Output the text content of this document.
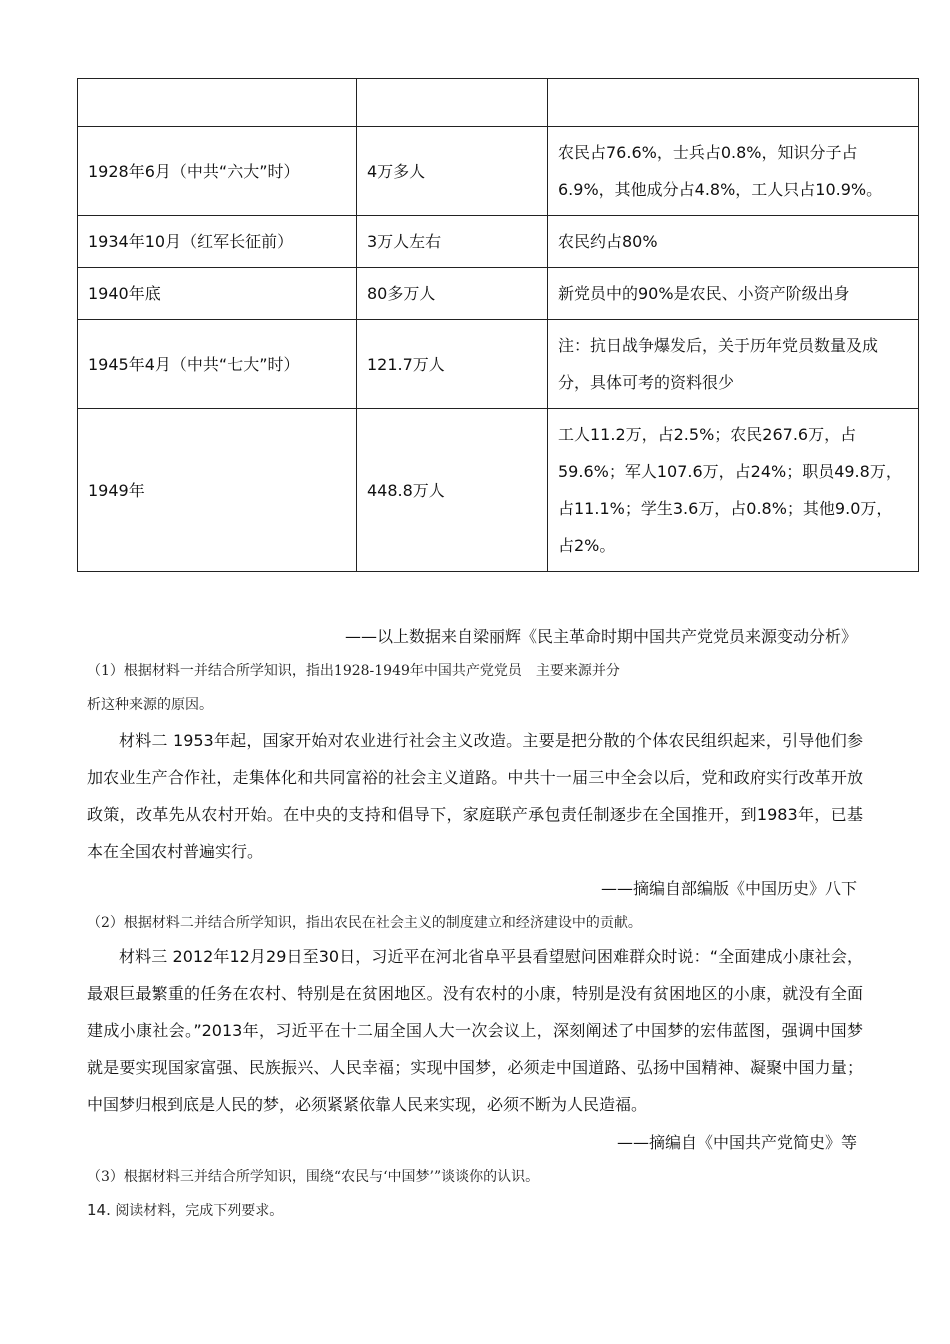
1928年6月（中共“六大”时）	4万多人	农民占76.6%，士兵占0.8%，知识分子占6.9%，其他成分占4.8%，工人只占10.9%。
1934年10月（红军长征前）	3万人左右	农民约占80%
1940年底	80多万人	新党员中的90%是农民、小资产阶级出身
1945年4月（中共“七大”时）	121.7万人	注：抗日战争爆发后，关于历年党员数量及成分，具体可考的资料很少
1949年	448.8万人	工人11.2万，占2.5%；农民267.6万，占59.6%；军人107.6万，占24%；职员49.8万，占11.1%；学生3.6万，占0.8%；其他9.0万，占2%。
——以上数据来自梁丽辉《民主革命时期中国共产党党员来源变动分析》
（1）根据材料一并结合所学知识，指出1928-1949年中国共产党党员　主要来源并分
析这种来源的原因。
材料二 1953年起，国家开始对农业进行社会主义改造。主要是把分散的个体农民组织起来，引导他们参加农业生产合作社，走集体化和共同富裕的社会主义道路。中共十一届三中全会以后，党和政府实行改革开放政策，改革先从农村开始。在中央的支持和倡导下，家庭联产承包责任制逐步在全国推开，到1983年，已基本在全国农村普遍实行。
——摘编自部编版《中国历史》八下
（2）根据材料二并结合所学知识，指出农民在社会主义的制度建立和经济建设中的贡献。
材料三 2012年12月29日至30日，习近平在河北省阜平县看望慰问困难群众时说：“全面建成小康社会，最艰巨最繁重的任务在农村、特别是在贫困地区。没有农村的小康，特别是没有贫困地区的小康，就没有全面建成小康社会。”2013年，习近平在十二届全国人大一次会议上，深刻阐述了中国梦的宏伟蓝图，强调中国梦就是要实现国家富强、民族振兴、人民幸福；实现中国梦，必须走中国道路、弘扬中国精神、凝聚中国力量；中国梦归根到底是人民的梦，必须紧紧依靠人民来实现，必须不断为人民造福。
——摘编自《中国共产党简史》等
（3）根据材料三并结合所学知识，围绕“农民与‘中国梦’”谈谈你的认识。
14. 阅读材料，完成下列要求。
